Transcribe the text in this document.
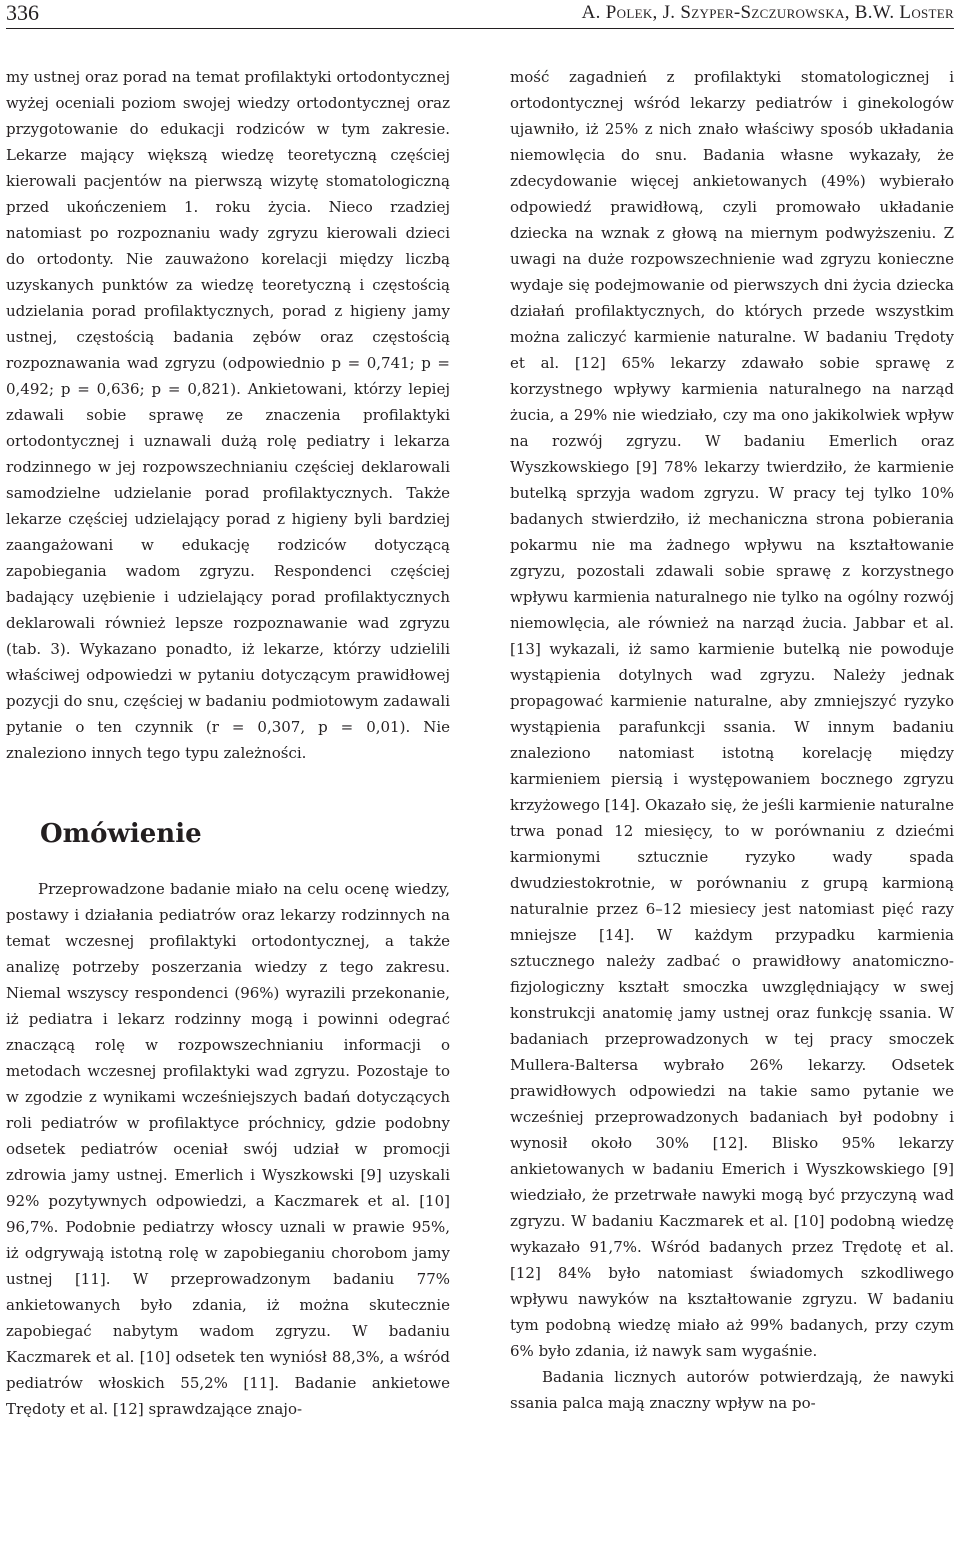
336	A. Polek, J. Szyper-Szczurowska, B.W. Loster

my ustnej oraz porad na temat profilaktyki ortodontycznej wyżej oceniali poziom swojej wiedzy ortodontycznej oraz przygotowanie do edukacji rodziców w tym zakresie. Lekarze mający większą wiedzę teoretyczną częściej kierowali pacjentów na pierwszą wizytę stomatologiczną przed ukończeniem 1. roku życia. Nieco rzadziej natomiast po rozpoznaniu wady zgryzu kierowali dzieci do ortodonty. Nie zauważono korelacji między liczbą uzyskanych punktów za wiedzę teoretyczną i częstością udzielania porad profilaktycznych, porad z higieny jamy ustnej, częstością badania zębów oraz częstością rozpoznawania wad zgryzu (odpowiednio p = 0,741; p = 0,492; p = 0,636; p = 0,821). Ankietowani, którzy lepiej zdawali sobie sprawę ze znaczenia profilaktyki ortodontycznej i uznawali dużą rolę pediatry i lekarza rodzinnego w jej rozpowszechnianiu częściej deklarowali samodzielne udzielanie porad profilaktycznych. Także lekarze częściej udzielający porad z higieny byli bardziej zaangażowani w edukację rodziców dotyczącą zapobiegania wadom zgryzu. Respondenci częściej badający uzębienie i udzielający porad profilaktycznych deklarowali również lepsze rozpoznawanie wad zgryzu (tab. 3). Wykazano ponadto, iż lekarze, którzy udzielili właściwej odpowiedzi w pytaniu dotyczącym prawidłowej pozycji do snu, częściej w badaniu podmiotowym zadawali pytanie o ten czynnik (r = 0,307, p = 0,01). Nie znaleziono innych tego typu zależności.

Omówienie

Przeprowadzone badanie miało na celu ocenę wiedzy, postawy i działania pediatrów oraz lekarzy rodzinnych na temat wczesnej profilaktyki ortodontycznej, a także analizę potrzeby poszerzania wiedzy z tego zakresu. Niemal wszyscy respondenci (96%) wyrazili przekonanie, iż pediatra i lekarz rodzinny mogą i powinni odegrać znaczącą rolę w rozpowszechnianiu informacji o metodach wczesnej profilaktyki wad zgryzu. Pozostaje to w zgodzie z wynikami wcześniejszych badań dotyczących roli pediatrów w profilaktyce próchnicy, gdzie podobny odsetek pediatrów oceniał swój udział w promocji zdrowia jamy ustnej. Emerlich i Wyszkowski [9] uzyskali 92% pozytywnych odpowiedzi, a Kaczmarek et al. [10] 96,7%. Podobnie pediatrzy włoscy uznali w prawie 95%, iż odgrywają istotną rolę w zapobieganiu chorobom jamy ustnej [11]. W przeprowadzonym badaniu 77% ankietowanych było zdania, iż można skutecznie zapobiegać nabytym wadom zgryzu. W badaniu Kaczmarek et al. [10] odsetek ten wyniósł 88,3%, a wśród pediatrów włoskich 55,2% [11]. Badanie ankietowe Trędoty et al. [12] sprawdzające znajo-

mość zagadnień z profilaktyki stomatologicznej i ortodontycznej wśród lekarzy pediatrów i ginekologów ujawniło, iż 25% z nich znało właściwy sposób układania niemowlęcia do snu. Badania własne wykazały, że zdecydowanie więcej ankietowanych (49%) wybierało odpowiedź prawidłową, czyli promowało układanie dziecka na wznak z głową na miernym podwyższeniu. Z uwagi na duże rozpowszechnienie wad zgryzu konieczne wydaje się podejmowanie od pierwszych dni życia dziecka działań profilaktycznych, do których przede wszystkim można zaliczyć karmienie naturalne. W badaniu Trędoty et al. [12] 65% lekarzy zdawało sobie sprawę z korzystnego wpływy karmienia naturalnego na narząd żucia, a 29% nie wiedziało, czy ma ono jakikolwiek wpływ na rozwój zgryzu. W badaniu Emerlich oraz Wyszkowskiego [9] 78% lekarzy twierdziło, że karmienie butelką sprzyja wadom zgryzu. W pracy tej tylko 10% badanych stwierdziło, iż mechaniczna strona pobierania pokarmu nie ma żadnego wpływu na kształtowanie zgryzu, pozostali zdawali sobie sprawę z korzystnego wpływu karmienia naturalnego nie tylko na ogólny rozwój niemowlęcia, ale również na narząd żucia. Jabbar et al. [13] wykazali, iż samo karmienie butelką nie powoduje wystąpienia dotylnych wad zgryzu. Należy jednak propagować karmienie naturalne, aby zmniejszyć ryzyko wystąpienia parafunkcji ssania. W innym badaniu znaleziono natomiast istotną korelację między karmieniem piersią i występowaniem bocznego zgryzu krzyżowego [14]. Okazało się, że jeśli karmienie naturalne trwa ponad 12 miesięcy, to w porównaniu z dziećmi karmionymi sztucznie ryzyko wady spada dwudziestokrotnie, w porównaniu z grupą karmioną naturalnie przez 6–12 miesiecy jest natomiast pięć razy mniejsze [14]. W każdym przypadku karmienia sztucznego należy zadbać o prawidłowy anatomiczno-fizjologiczny kształt smoczka uwzględniający w swej konstrukcji anatomię jamy ustnej oraz funkcję ssania. W badaniach przeprowadzonych w tej pracy smoczek Mullera-Baltersa wybrało 26% lekarzy. Odsetek prawidłowych odpowiedzi na takie samo pytanie we wcześniej przeprowadzonych badaniach był podobny i wynosił około 30% [12]. Blisko 95% lekarzy ankietowanych w badaniu Emerich i Wyszkowskiego [9] wiedziało, że przetrwałe nawyki mogą być przyczyną wad zgryzu. W badaniu Kaczmarek et al. [10] podobną wiedzę wykazało 91,7%. Wśród badanych przez Trędotę et al. [12] 84% było natomiast świadomych szkodliwego wpływu nawyków na kształtowanie zgryzu. W badaniu tym podobną wiedzę miało aż 99% badanych, przy czym 6% było zdania, iż nawyk sam wygaśnie.

Badania licznych autorów potwierdzają, że nawyki ssania palca mają znaczny wpływ na po-
